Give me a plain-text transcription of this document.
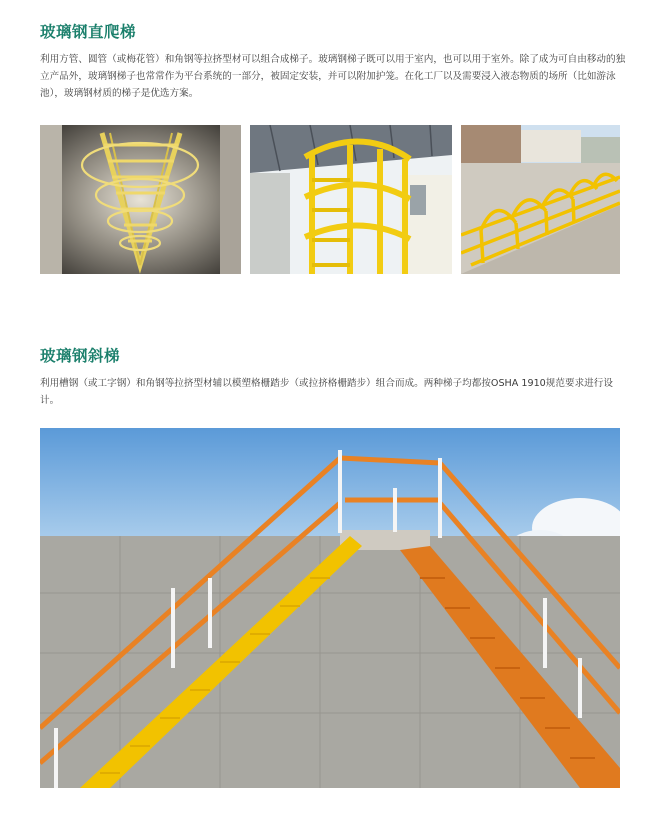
玻璃钢直爬梯

利用方管、圆管（或梅花管）和角钢等拉挤型材可以组合成梯子。玻璃钢梯子既可以用于室内，也可以用于室外。除了成为可自由移动的独立产品外，玻璃钢梯子也常常作为平台系统的一部分，被固定安装，并可以附加护笼。在化工厂以及需要浸入液态物质的场所（比如游泳池），玻璃钢材质的梯子是优选方案。

玻璃钢斜梯

利用槽钢（或工字钢）和角钢等拉挤型材辅以模塑格栅踏步（或拉挤格栅踏步）组合而成。两种梯子均都按OSHA 1910规范要求进行设计。
